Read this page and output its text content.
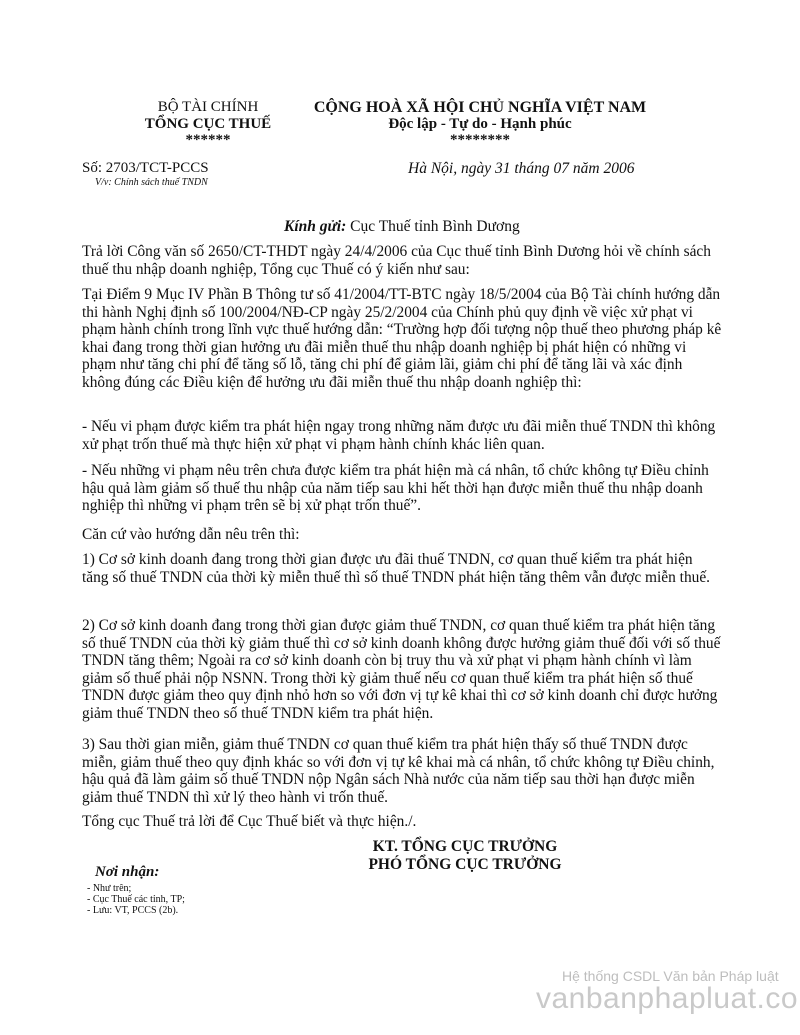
BỘ TÀI CHÍNH
TỔNG CỤC THUẾ
******
CỘNG HOÀ XÃ HỘI CHỦ NGHĨA VIỆT NAM
Độc lập - Tự do - Hạnh phúc
********
Số: 2703/TCT-PCCS
V/v: Chính sách thuế TNDN
Hà Nội, ngày 31 tháng 07 năm 2006
Kính gửi: Cục Thuế tỉnh Bình Dương
Trả lời Công văn số 2650/CT-THDT ngày 24/4/2006 của Cục thuế tỉnh Bình Dương hỏi về chính sách thuế thu nhập doanh nghiệp, Tổng cục Thuế có ý kiến như sau:
Tại Điểm 9 Mục IV Phần B Thông tư số 41/2004/TT-BTC ngày 18/5/2004 của Bộ Tài chính hướng dẫn thi hành Nghị định số 100/2004/NĐ-CP ngày 25/2/2004 của Chính phủ quy định về việc xử phạt vi phạm hành chính trong lĩnh vực thuế hướng dẫn: “Trường hợp đối tượng nộp thuế theo phương pháp kê khai đang trong thời gian hưởng ưu đãi miễn thuế thu nhập doanh nghiệp bị phát hiện có những vi phạm như tăng chi phí để tăng số lỗ, tăng chi phí để giảm lãi, giảm chi phí để tăng lãi và xác định không đúng các Điều kiện để hưởng ưu đãi miễn thuế thu nhập doanh nghiệp thì:
- Nếu vi phạm được kiểm tra phát hiện ngay trong những năm được ưu đãi miễn thuế TNDN thì không xử phạt trốn thuế mà thực hiện xử phạt vi phạm hành chính khác liên quan.
- Nếu những vi phạm nêu trên chưa được kiểm tra phát hiện mà cá nhân, tổ chức không tự Điều chỉnh hậu quả làm giảm số thuế thu nhập của năm tiếp sau khi hết thời hạn được miễn thuế thu nhập doanh nghiệp thì những vi phạm trên sẽ bị xử phạt trốn thuế”.
Căn cứ vào hướng dẫn nêu trên thì:
1) Cơ sở kinh doanh đang trong thời gian được ưu đãi thuế TNDN, cơ quan thuế kiểm tra phát hiện tăng số thuế TNDN của thời kỳ miễn thuế thì số thuế TNDN phát hiện tăng thêm vẫn được miễn thuế.
2) Cơ sở kinh doanh đang trong thời gian được giảm thuế TNDN, cơ quan thuế kiểm tra phát hiện tăng số thuế TNDN của thời kỳ giảm thuế thì cơ sở kinh doanh không được hưởng giảm thuế đối với số thuế TNDN tăng thêm; Ngoài ra cơ sở kinh doanh còn bị truy thu và xử phạt vi phạm hành chính vì làm giảm số thuế phải nộp NSNN. Trong thời kỳ giảm thuế nếu cơ quan thuế kiểm tra phát hiện số thuế TNDN được giảm theo quy định nhỏ hơn so với đơn vị tự kê khai thì cơ sở kinh doanh chỉ được hưởng giảm thuế TNDN theo số thuế TNDN kiểm tra phát hiện.
3) Sau thời gian miễn, giảm thuế TNDN cơ quan thuế kiểm tra phát hiện thấy số thuế TNDN được miễn, giảm thuế theo quy định khác so với đơn vị tự kê khai mà cá nhân, tổ chức không tự Điều chỉnh, hậu quả đã làm gảim số thuế TNDN nộp Ngân sách Nhà nước của năm tiếp sau thời hạn được miễn giảm thuế TNDN thì xử lý theo hành vi trốn thuế.
Tổng cục Thuế trả lời để Cục Thuế biết và thực hiện./.
KT. TỔNG CỤC TRƯỞNG
PHÓ TỔNG CỤC TRƯỞNG
Nơi nhận:
- Như trên;
- Cục Thuế các tỉnh, TP;
- Lưu: VT, PCCS (2b).
Hệ thống CSDL Văn bản Pháp luật
vanbanphapluat.co
